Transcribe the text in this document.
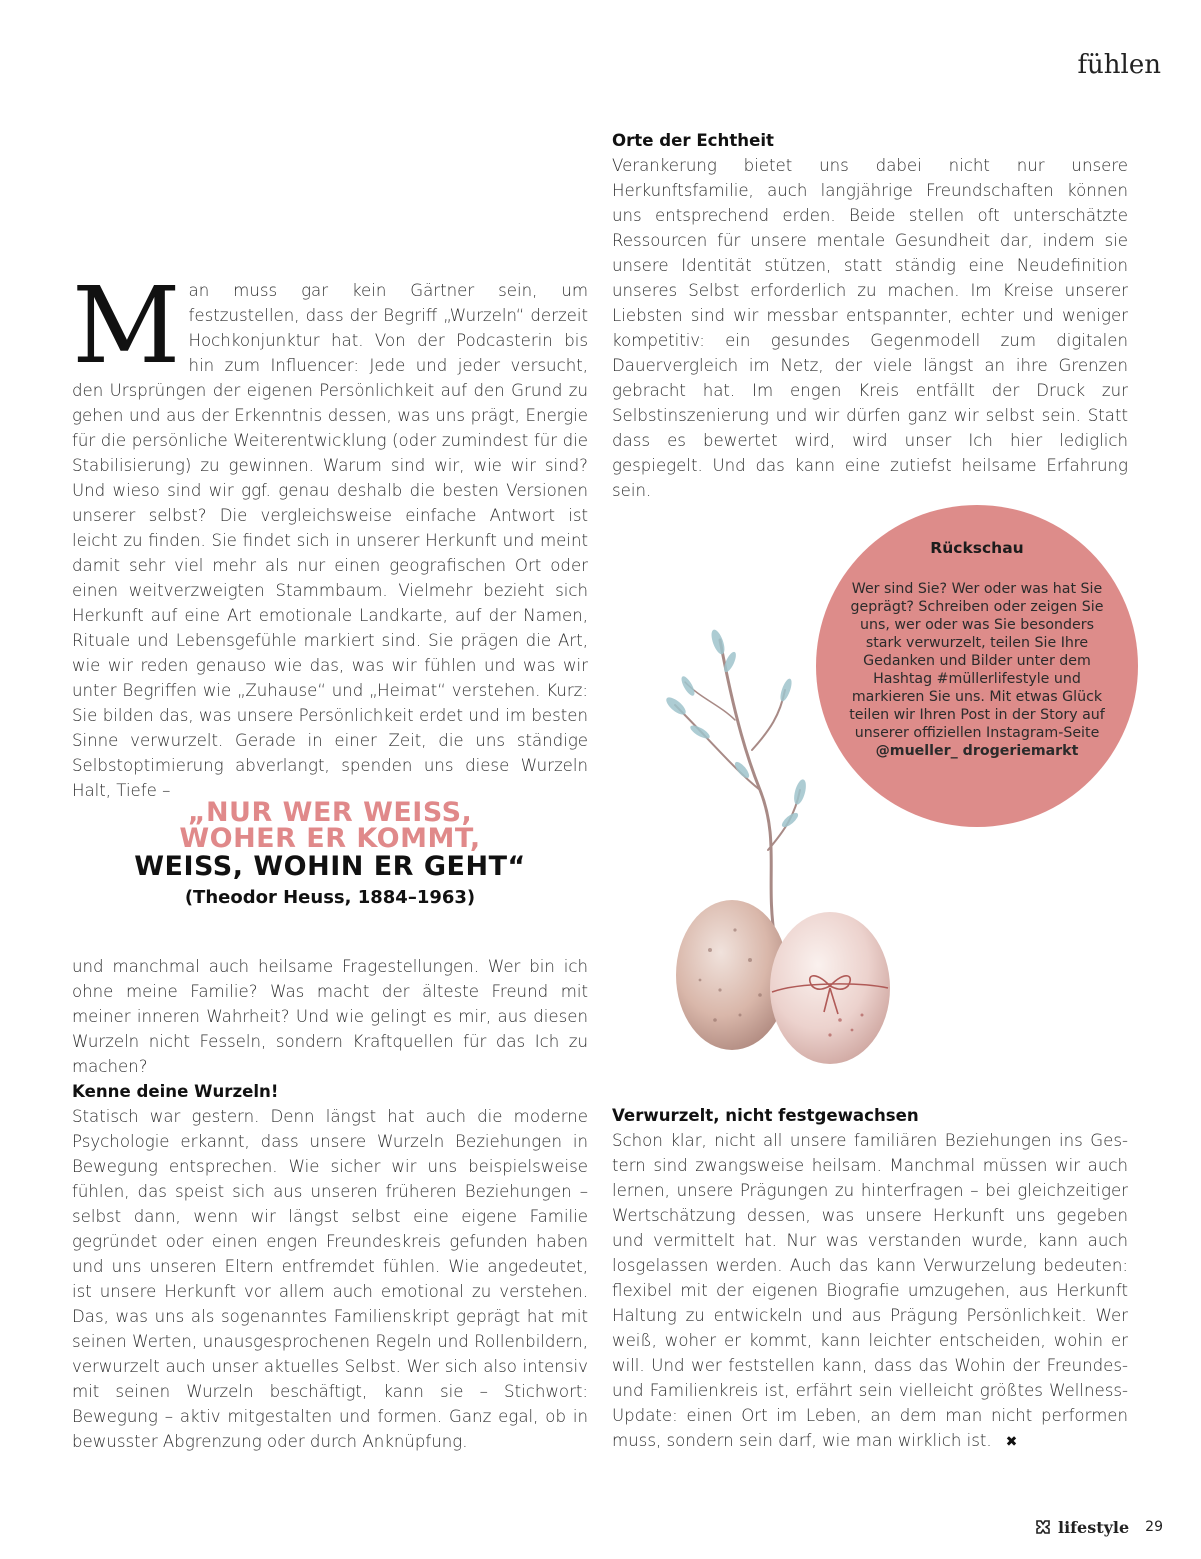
fühlen

Man muss gar kein Gärtner sein, um festzustellen, dass der Begriff „Wurzeln“ derzeit Hochkonjunktur hat. Von der Podcasterin bis hin zum Influencer: Jede und jeder versucht, den Ursprüngen der eigenen Persönlichkeit auf den Grund zu gehen und aus der Erkenntnis dessen, was uns prägt, Energie für die persönliche Weiterentwicklung (oder zumindest für die Stabilisierung) zu gewinnen. Warum sind wir, wie wir sind? Und wieso sind wir ggf. genau deshalb die besten Versionen unserer selbst? Die vergleichsweise einfache Antwort ist leicht zu finden. Sie findet sich in unserer Herkunft und meint damit sehr viel mehr als nur einen geografischen Ort oder einen weitverzweigten Stammbaum. Vielmehr bezieht sich Herkunft auf eine Art emotionale Landkarte, auf der Namen, Rituale und Lebensgefühle markiert sind. Sie prägen die Art, wie wir reden genauso wie das, was wir fühlen und was wir unter Begriffen wie „Zuhause“ und „Heimat“ verstehen. Kurz: Sie bilden das, was unsere Persönlichkeit erdet und im besten Sinne verwurzelt. Gerade in einer Zeit, die uns ständige Selbstoptimierung abverlangt, spenden uns diese Wurzeln Halt, Tiefe –

„NUR WER WEISS,
WOHER ER KOMMT,
WEISS, WOHIN ER GEHT“
(Theodor Heuss, 1884–1963)

und manchmal auch heilsame Fragestellungen. Wer bin ich ohne meine Familie? Was macht der älteste Freund mit meiner inneren Wahrheit? Und wie gelingt es mir, aus diesen Wurzeln nicht Fesseln, sondern Kraftquellen für das Ich zu machen?

Kenne deine Wurzeln!

Statisch war gestern. Denn längst hat auch die moderne Psychologie erkannt, dass unsere Wurzeln Beziehungen in Bewegung entsprechen. Wie sicher wir uns beispielsweise fühlen, das speist sich aus unseren früheren Beziehungen – selbst dann, wenn wir längst selbst eine eigene Familie gegründet oder einen engen Freundeskreis gefunden haben und uns unseren Eltern entfremdet fühlen. Wie angedeutet, ist unsere Herkunft vor allem auch emotional zu verstehen. Das, was uns als sogenanntes Familienskript geprägt hat mit seinen Werten, unausgesprochenen Regeln und Rollenbildern, verwurzelt auch unser aktuelles Selbst. Wer sich also intensiv mit seinen Wurzeln beschäftigt, kann sie – Stichwort: Bewegung – aktiv mitgestalten und formen. Ganz egal, ob in bewusster Abgrenzung oder durch Anknüpfung.

Orte der Echtheit

Verankerung bietet uns dabei nicht nur unsere Herkunftsfamilie, auch langjährige Freundschaften können uns entsprechend erden. Beide stellen oft unterschätzte Ressourcen für unsere mentale Gesundheit dar, indem sie unsere Identität stützen, statt ständig eine Neudefinition unseres Selbst erforderlich zu machen. Im Kreise unserer Liebsten sind wir messbar entspannter, echter und weniger kompetitiv: ein gesundes Gegenmodell zum digitalen Dauervergleich im Netz, der viele längst an ihre Grenzen gebracht hat. Im engen Kreis entfällt der Druck zur Selbstinszenierung und wir dürfen ganz wir selbst sein. Statt dass es bewertet wird, wird unser Ich hier lediglich gespiegelt. Und das kann eine zutiefst heilsame Erfahrung sein.

Rückschau
Wer sind Sie? Wer oder was hat Sie geprägt? Schreiben oder zeigen Sie uns, wer oder was Sie besonders stark verwurzelt, teilen Sie Ihre Gedanken und Bilder unter dem Hashtag #müllerlifestyle und markieren Sie uns. Mit etwas Glück teilen wir Ihren Post in der Story auf unserer offiziellen Instagram-Seite @mueller_ drogeriemarkt
Verwurzelt, nicht festgewachsen

Schon klar, nicht all unsere familiären Beziehungen ins Gestern sind zwangsweise heilsam. Manchmal müssen wir auch lernen, unsere Prägungen zu hinterfragen – bei gleichzeitiger Wertschätzung dessen, was unsere Herkunft uns gegeben und vermittelt hat. Nur was verstanden wurde, kann auch losgelassen werden. Auch das kann Verwurzelung bedeuten: flexibel mit der eigenen Biografie umzugehen, aus Herkunft Haltung zu entwickeln und aus Prägung Persönlichkeit. Wer weiß, woher er kommt, kann leichter entscheiden, wohin er will. Und wer feststellen kann, dass das Wohin der Freundes- und Familienkreis ist, erfährt sein vielleicht größtes Wellness-Update: einen Ort im Leben, an dem man nicht performen muss, sondern sein darf, wie man wirklich ist. ✖

lifestyle 29
